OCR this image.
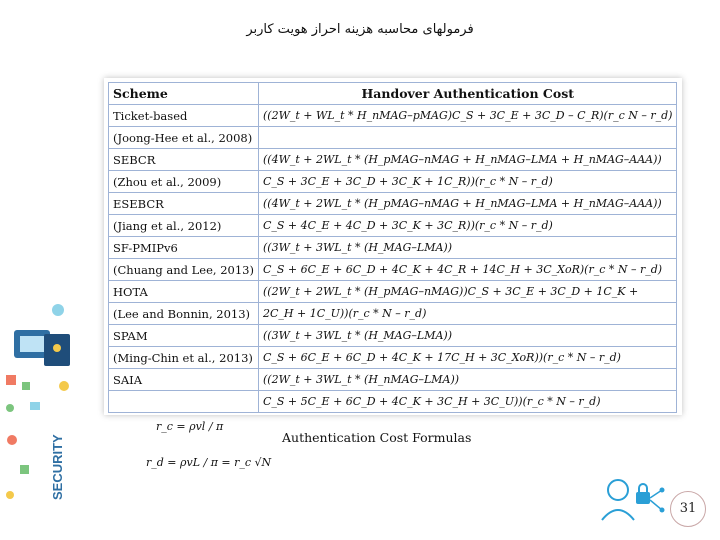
فرمولهای محاسبه هزینه احراز هویت کاربر
SECURITY
Scheme	Handover Authentication Cost
Ticket-based	((2W_t + WL_t * H_nMAG–pMAG)C_S + 3C_E + 3C_D – C_R)(r_c N – r_d)
(Joong-Hee et al., 2008)	
SEBCR	((4W_t + 2WL_t * (H_pMAG–nMAG + H_nMAG–LMA + H_nMAG–AAA))
(Zhou et al., 2009)	C_S + 3C_E + 3C_D + 3C_K + 1C_R))(r_c * N – r_d)
ESEBCR	((4W_t + 2WL_t * (H_pMAG–nMAG + H_nMAG–LMA + H_nMAG–AAA))
(Jiang et al., 2012)	C_S + 4C_E + 4C_D + 3C_K + 3C_R))(r_c * N – r_d)
SF-PMIPv6	((3W_t + 3WL_t * (H_MAG–LMA))
(Chuang and Lee, 2013)	C_S + 6C_E + 6C_D + 4C_K + 4C_R + 14C_H + 3C_XoR)(r_c * N – r_d)
HOTA	((2W_t + 2WL_t * (H_pMAG–nMAG))C_S + 3C_E + 3C_D + 1C_K +
(Lee and Bonnin, 2013)	2C_H + 1C_U))(r_c * N – r_d)
SPAM	((3W_t + 3WL_t * (H_MAG–LMA))
(Ming-Chin et al., 2013)	C_S + 6C_E + 6C_D + 4C_K + 17C_H + 3C_XoR))(r_c * N – r_d)
SAIA	((2W_t + 3WL_t * (H_nMAG–LMA))
	C_S + 5C_E + 6C_D + 4C_K + 3C_H + 3C_U))(r_c * N – r_d)
r_c = ρvl / π
r_d = ρvL / π = r_c √N
Authentication Cost Formulas
31
